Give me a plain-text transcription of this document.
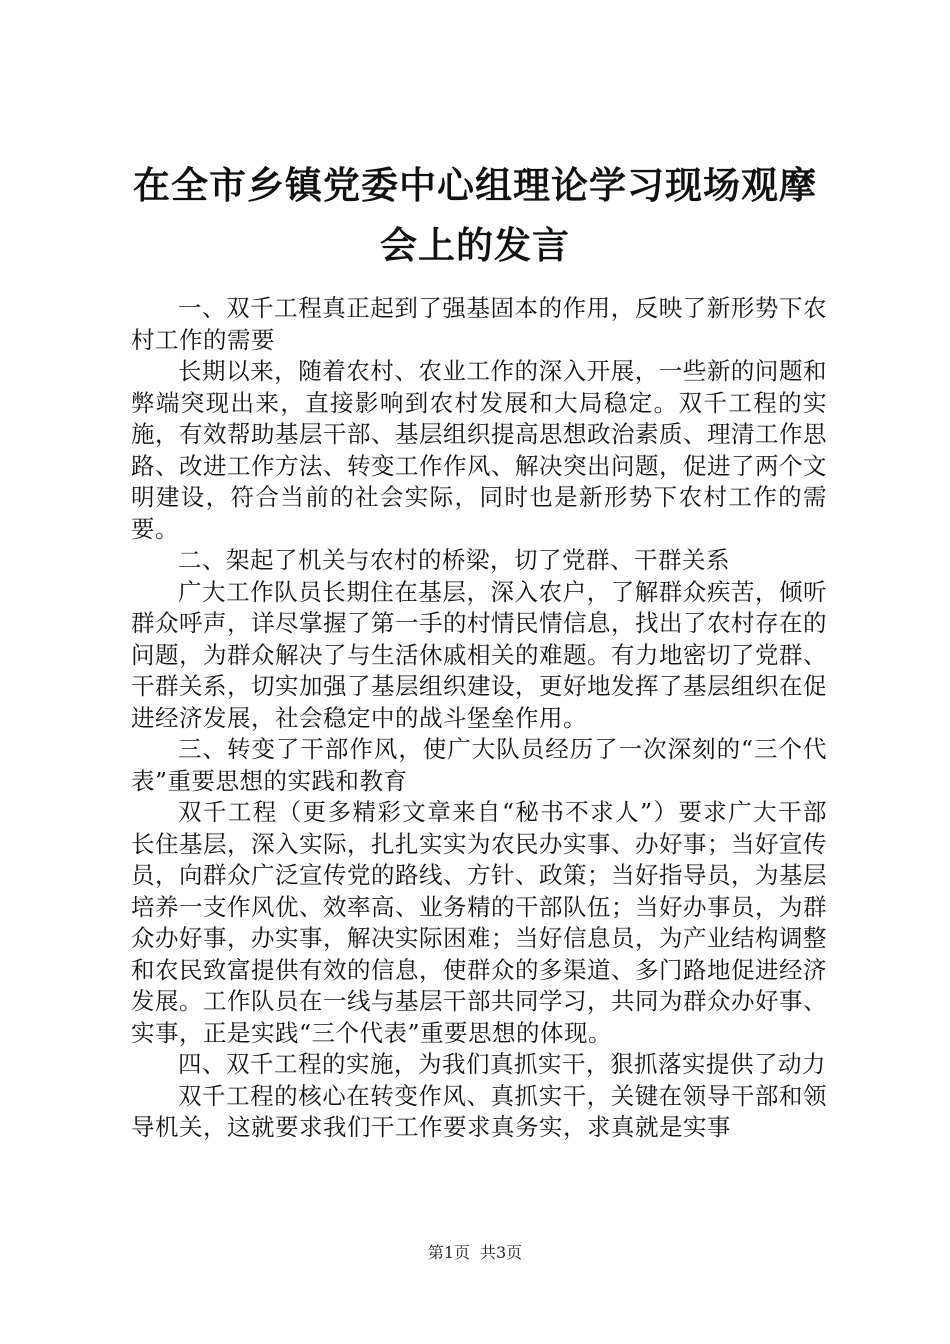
在全市乡镇党委中心组理论学习现场观摩会上的发言

一、双千工程真正起到了强基固本的作用，反映了新形势下农村工作的需要

长期以来，随着农村、农业工作的深入开展，一些新的问题和弊端突现出来，直接影响到农村发展和大局稳定。双千工程的实施，有效帮助基层干部、基层组织提高思想政治素质、理清工作思路、改进工作方法、转变工作作风、解决突出问题，促进了两个文明建设，符合当前的社会实际，同时也是新形势下农村工作的需要。

二、架起了机关与农村的桥梁，切了党群、干群关系

广大工作队员长期住在基层，深入农户，了解群众疾苦，倾听群众呼声，详尽掌握了第一手的村情民情信息，找出了农村存在的问题，为群众解决了与生活休戚相关的难题。有力地密切了党群、干群关系，切实加强了基层组织建设，更好地发挥了基层组织在促进经济发展，社会稳定中的战斗堡垒作用。

三、转变了干部作风，使广大队员经历了一次深刻的“三个代表”重要思想的实践和教育

双千工程（更多精彩文章来自“秘书不求人”）要求广大干部长住基层，深入实际，扎扎实实为农民办实事、办好事；当好宣传员，向群众广泛宣传党的路线、方针、政策；当好指导员，为基层培养一支作风优、效率高、业务精的干部队伍；当好办事员，为群众办好事，办实事，解决实际困难；当好信息员，为产业结构调整和农民致富提供有效的信息，使群众的多渠道、多门路地促进经济发展。工作队员在一线与基层干部共同学习，共同为群众办好事、实事，正是实践“三个代表”重要思想的体现。

四、双千工程的实施，为我们真抓实干，狠抓落实提供了动力

双千工程的核心在转变作风、真抓实干，关键在领导干部和领导机关，这就要求我们干工作要求真务实，求真就是实事

第1页 共3页
